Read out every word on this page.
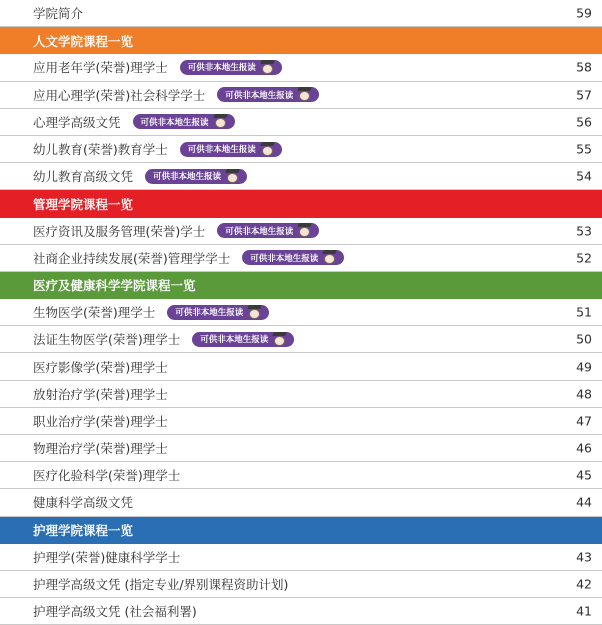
学院简介	59
人文学院课程一览
应用老年学(荣誉)理学士 可供非本地生报读	58
应用心理学(荣誉)社会科学学士 可供非本地生报读	57
心理学高级文凭 可供非本地生报读	56
幼儿教育(荣誉)教育学士 可供非本地生报读	55
幼儿教育高级文凭 可供非本地生报读	54
管理学院课程一览
医疗资讯及服务管理(荣誉)学士 可供非本地生报读	53
社商企业持续发展(荣誉)管理学学士 可供非本地生报读	52
医疗及健康科学学院课程一览
生物医学(荣誉)理学士 可供非本地生报读	51
法证生物医学(荣誉)理学士 可供非本地生报读	50
医疗影像学(荣誉)理学士	49
放射治疗学(荣誉)理学士	48
职业治疗学(荣誉)理学士	47
物理治疗学(荣誉)理学士	46
医疗化验科学(荣誉)理学士	45
健康科学高级文凭	44
护理学院课程一览
护理学(荣誉)健康科学学士	43
护理学高级文凭 (指定专业/界别课程资助计划)	42
护理学高级文凭 (社会福利署)	41
